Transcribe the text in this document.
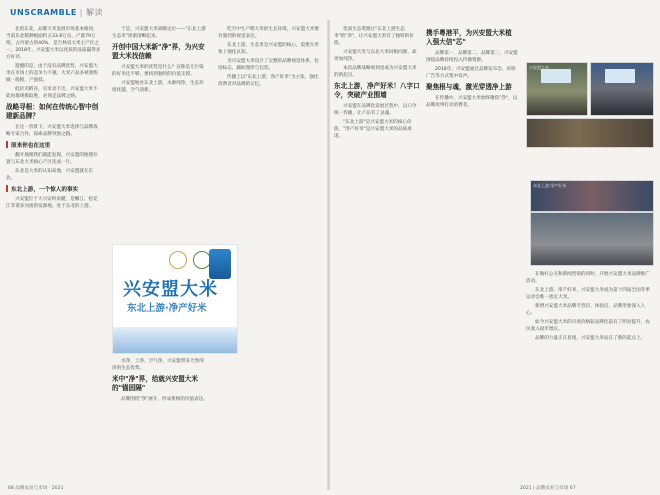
UNSCRAMBLE | 解读

北的东北，品牌大米发展市场基本相同，当前东北稻种植面积占33.8万亩，产量79万吨，占内蒙古的40%，是吉林省大米主产区之一。2018年，兴安盟大米以优质的品质赢得多方好评。

遗憾的是，由于没有品牌优势，兴安盟大米在市场上的竞争力不强，大米产品多被收购做一般粮，产值低。

低价卖稻谷，有米卖不出，兴安盟大米不能再靠规模取胜，必须走品牌之路。

战略寻根：如何在传统心智中创建新品牌？

在这一背景下，兴安盟大米选择与品牌战略专家合作，探索品牌突围之路。

原来你也在这里

翻开地图我们就能发现，兴安盟的地理位置与东北大米核心产区连成一片。

东北是大米的认知高地，兴安盟就在东北。

东北上游，一个惊人的事实

兴安盟位于大兴安岭南麓，是嫩江、松花江等诸多河流的发源地，处于东北的上游。

于是，兴安盟大米战略定位——"东北上游生态米"逐渐清晰起来。

开创中国大米新"净"界，为兴安盟大米找信赖

兴安盟大米的优势是什么？宣称是无污染的好米还不够，要找到独特的价值支撑。

兴安盟地处东北上游，水源纯净，生态环境优越，空气清新。

兴安盟大米
东北上游·净产好米

水净、土净、空气净，兴安盟带来天然纯净的生态优势。

米中"净"界，给就兴安盟大米的"锚固隔"

品牌围绕"净"展开，形成系统的价值表达。

吃空中生产稻大米的生长环境，兴安盟大米要有强烈的视觉表达。

东北上游、生态米是兴安盟的核心，需要在形象上强化认知。

为兴安盟大米设计了完整的品牌视觉体系，包括标志、辅助图形与包装。

传播上以"东北上游，净产好米"为主张，强化消费者对品牌的记忆。

优质生态资源让"东北上游生态米"的"净"，让兴安盟大米有了独特的价值。

兴安盟大米与东北大米同根同源，却更加纯净。

本次品牌战略规划也成为兴安盟大米的新起点。

东北上游，净产好米！八字口令，突破产业围墙

兴安盟在品牌化发展过程中，以口令统一传播，让产品有了灵魂。

"东北上游"是兴安盟大米的核心价值，"净产好米"是兴安盟大米的品质承诺。

携手粤港平，为兴安盟大米植入强大信"芯"

品牌第一，品牌第二，品牌第三，兴安盟围绕品牌持续投入传播资源。

2018年，兴安盟通过品牌发布会、高铁广告等方式集中发声。

聚焦根与魂，激光穿透净上游

在传播中，兴安盟大米始终聚焦"净"，以品牌故事打动消费者。

兴安盟大米
东北上游·净产好米

在做好公关和新闻营销的同时，开展兴安盟大米品牌推广活动。

东北上游，净产好米，兴安盟大米成为第十四届全国冬季运动会唯一指定大米。

新增兴安盟大米品牌专营店、体验店，品牌形象深入人心。

如今兴安盟大米的市场价格较品牌化前有了明显提升，农民收入稳步增长。

品牌的力量正在显现，兴安盟大米站在了新的起点上。

68 品牌农业与市场 · 2021	2021 | 品牌农业与市场 67
